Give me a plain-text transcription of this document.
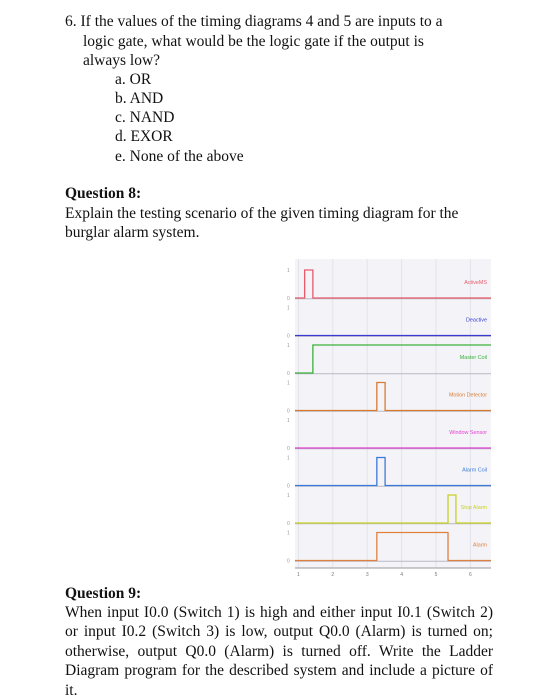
6. If the values of the timing diagrams 4 and 5 are inputs to a
logic gate, what would be the logic gate if the output is
always low?
a. OR
b. AND
c. NAND
d. EXOR
e. None of the above
Question 8:
Explain the testing scenario of the given timing diagram for the
burglar alarm system.
1
0
ActiveMS
1
0
Deactive
1
0
Master Coil
1
0
Motion Detector
1
0
Window Sensor
1
0
Alarm Coil
1
0
Stop Alarm
1
0
Alarm
1	2	3	4	5	6
Question 9:
When input I0.0 (Switch 1) is high and either input I0.1 (Switch 2) or input I0.2 (Switch 3) is low, output Q0.0 (Alarm) is turned on; otherwise, output Q0.0 (Alarm) is turned off. Write the Ladder Diagram program for the described system and include a picture of it.
